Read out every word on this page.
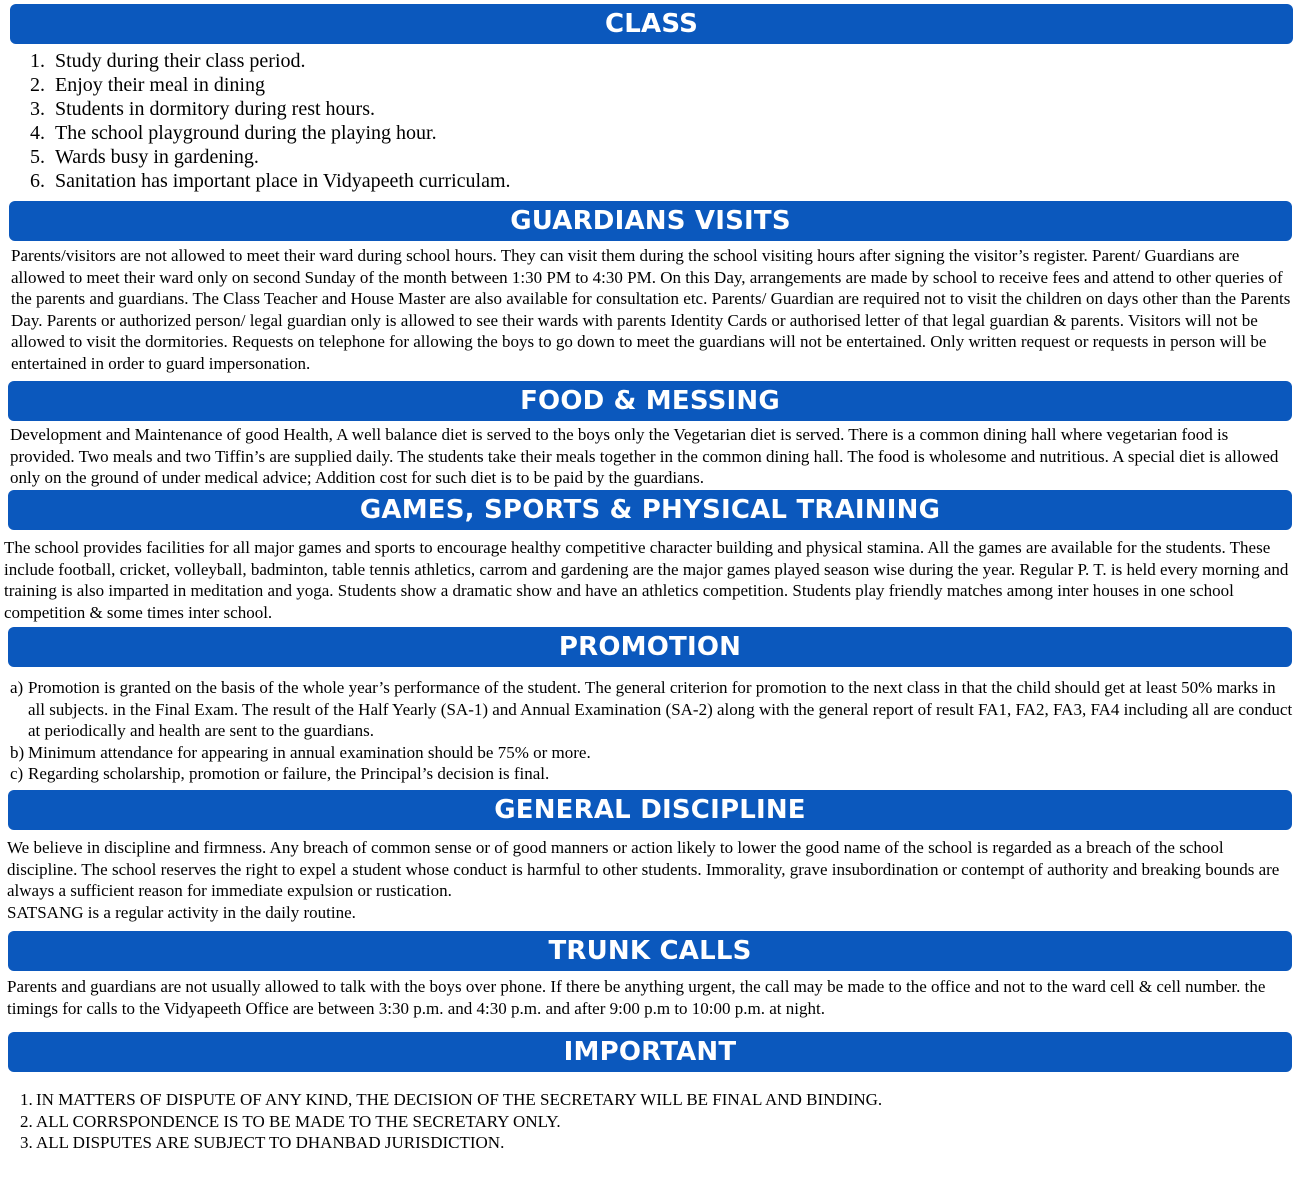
CLASS
1. Study during their class period.
2. Enjoy their meal in dining
3. Students in dormitory during rest hours.
4. The school playground during the playing hour.
5. Wards busy in gardening.
6. Sanitation has important place in Vidyapeeth curriculam.
GUARDIANS VISITS

Parents/visitors are not allowed to meet their ward during school hours. They can visit them during the school visiting hours after signing the visitor’s register. Parent/ Guardians are allowed to meet their ward only on second Sunday of the month between 1:30 PM to 4:30 PM. On this Day, arrangements are made by school to receive fees and attend to other queries of the parents and guardians. The Class Teacher and House Master are also available for consultation etc. Parents/ Guardian are required not to visit the children on days other than the Parents Day. Parents or authorized person/ legal guardian only is allowed to see their wards with parents Identity Cards or authorised letter of that legal guardian & parents. Visitors will not be allowed to visit the dormitories. Requests on telephone for allowing the boys to go down to meet the guardians will not be entertained. Only written request or requests in person will be entertained in order to guard impersonation.

FOOD & MESSING

Development and Maintenance of good Health, A well balance diet is served to the boys only the Vegetarian diet is served. There is a common dining hall where vegetarian food is provided. Two meals and two Tiffin’s are supplied daily. The students take their meals together in the common dining hall. The food is wholesome and nutritious. A special diet is allowed only on the ground of under medical advice; Addition cost for such diet is to be paid by the guardians.

GAMES, SPORTS & PHYSICAL TRAINING

The school provides facilities for all major games and sports to encourage healthy competitive character building and physical stamina. All the games are available for the students. These include football, cricket, volleyball, badminton, table tennis athletics, carrom and gardening are the major games played season wise during the year. Regular P. T. is held every morning and training is also imparted in meditation and yoga. Students show a dramatic show and have an athletics competition. Students play friendly matches among inter houses in one school competition & some times inter school.

PROMOTION
a) Promotion is granted on the basis of the whole year’s performance of the student. The general criterion for promotion to the next class in that the child should get at least 50% marks in all subjects. in the Final Exam. The result of the Half Yearly (SA-1) and Annual Examination (SA-2) along with the general report of result FA1, FA2, FA3, FA4 including all are conduct at periodically and health are sent to the guardians.
b) Minimum attendance for appearing in annual examination should be 75% or more.
c) Regarding scholarship, promotion or failure, the Principal’s decision is final.
GENERAL DISCIPLINE

We believe in discipline and firmness. Any breach of common sense or of good manners or action likely to lower the good name of the school is regarded as a breach of the school discipline. The school reserves the right to expel a student whose conduct is harmful to other students. Immorality, grave insubordination or contempt of authority and breaking bounds are always a sufficient reason for immediate expulsion or rustication.

SATSANG is a regular activity in the daily routine.

TRUNK CALLS

Parents and guardians are not usually allowed to talk with the boys over phone. If there be anything urgent, the call may be made to the office and not to the ward cell & cell number. the timings for calls to the Vidyapeeth Office are between 3:30 p.m. and 4:30 p.m. and after 9:00 p.m to 10:00 p.m. at night.

IMPORTANT
1. IN MATTERS OF DISPUTE OF ANY KIND, THE DECISION OF THE SECRETARY WILL BE FINAL AND BINDING.
2. ALL CORRSPONDENCE IS TO BE MADE TO THE SECRETARY ONLY.
3. ALL DISPUTES ARE SUBJECT TO DHANBAD JURISDICTION.
